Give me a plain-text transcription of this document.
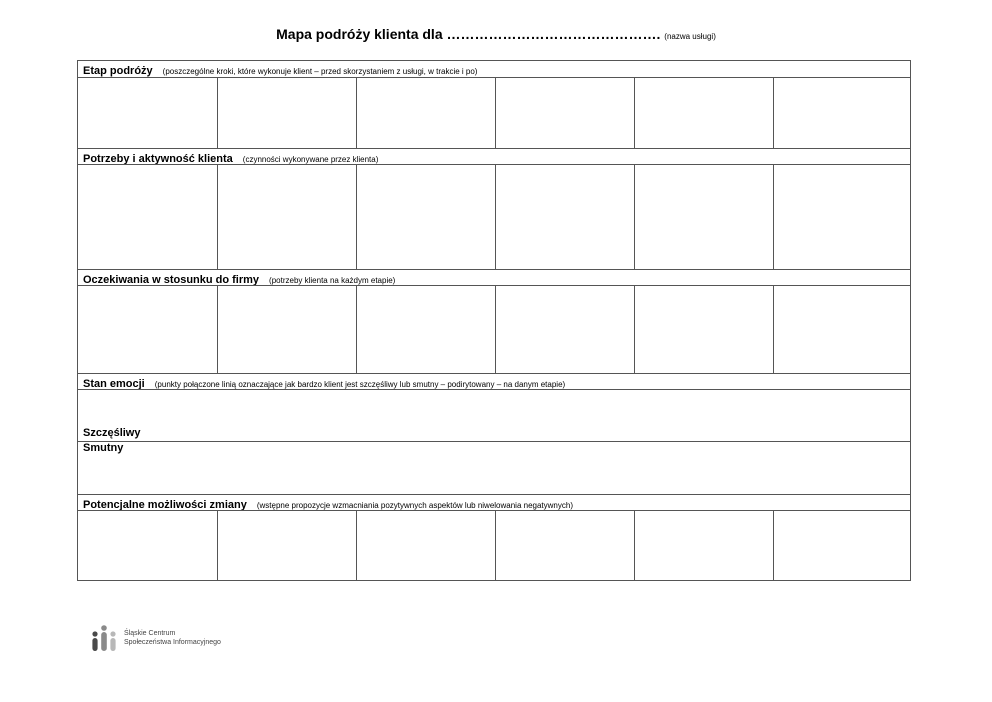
Mapa podróży klienta dla ………………………………………. (nazwa usługi)
Etap podróży (poszczególne kroki, które wykonuje klient – przed skorzystaniem z usługi, w trakcie i po)
Potrzeby i aktywność klienta (czynności wykonywane przez klienta)
Oczekiwania w stosunku do firmy (potrzeby klienta na każdym etapie)
Stan emocji (punkty połączone linią oznaczające jak bardzo klient jest szczęśliwy lub smutny – podirytowany – na danym etapie)
Szczęśliwy
Smutny
Potencjalne możliwości zmiany (wstępne propozycje wzmacniania pozytywnych aspektów lub niwelowania negatywnych)
Śląskie Centrum
Społeczeństwa Informacyjnego
